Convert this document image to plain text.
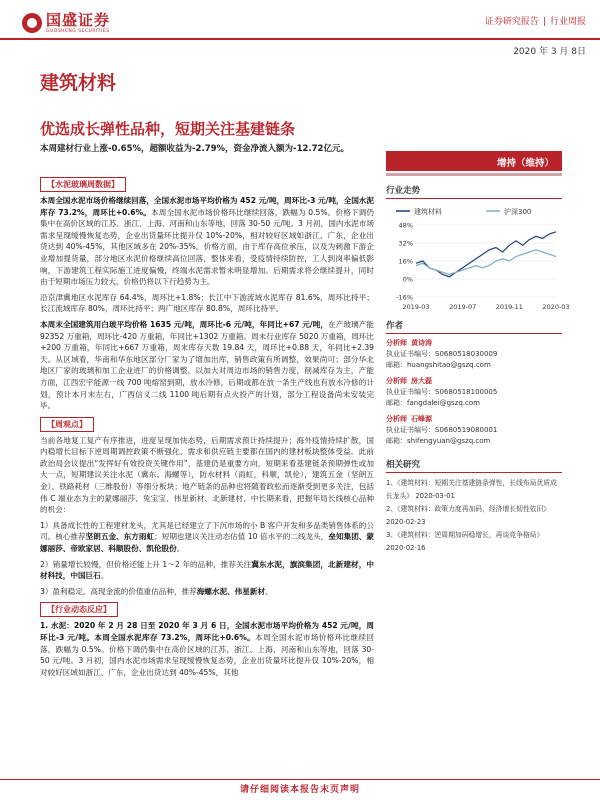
国盛证券
GUOSHENG SECURITIES
证券研究报告 | 行业周报
2020 年 3 月 8日
建筑材料
优选成长弹性品种，短期关注基建链条
本周建材行业上涨-0.65%，超额收益为-2.79%，资金净流入额为-12.72亿元。
增持（维持）
【水泥玻璃周数据】
本周全国水泥市场价格继续回落，全国水泥市场平均价格为 452 元/吨，周环比-3 元/吨，全国水泥库存 73.2%，周环比+0.6%。本周全国水泥市场价格环比继续回落，跌幅为 0.5%。价格下调仍集中在高价区域的江苏、浙江、上海、河南和山东等地，回落 30-50 元/吨。3 月初，国内水泥市场需求呈现缓慢恢复态势，企业出货量环比提升仅 10%-20%，相对较好区域如浙江、广东，企业出货达到 40%-45%，其他区域多在 20%-35%。价格方面，由于库存高位承压，以及为刺激下游企业增加提货量，部分地区水泥价格继续高位回落，整体来看，受疫情持续防控，工人到岗率偏低影响，下游建筑工程实际施工进度偏慢，终端水泥需求暂未明显增加。后期需求将会继续提升，同时由于短期市场压力较大，价格仍将以下行趋势为主。
沿京津冀地区水泥库存 64.4%，周环比+1.8%；长江中下游流域水泥库存 81.6%，周环比持平；长江流域库存 80%，周环比持平；两广地区库存 80.8%，周环比持平。
本周末全国建筑用白玻平均价格 1635 元/吨，周环比-6 元/吨，年同比+67 元/吨，在产玻璃产能 92352 万重箱，周环比-420 万重箱，年同比+1302 万重箱。周末行业库存 5020 万重箱，周环比+200 万重箱，年同比+667 万重箱，周末库存天数 19.84 天，周环比+0.88 天，年同比+2.39 天。从区域看，华南和华东地区部分厂家为了增加出库，销售政策有所调整，效果尚可；部分华北地区厂家的玻璃和加工企业进厂的价格调整，以加大对周边市场的销售力度，削减库存为主，产能方面，江西宏宇能源一线 700 吨熔窑到期，放水冷修，后期或都在放一条生产线也有放水冷修的计划，预计本月末左右，广西信义二线 1100 吨后期有点火投产的计划，部分工程设备尚未安装完毕。
【周观点】
当前各地复工复产有序推进，进度呈现加快态势，后期需求预计持续提升；海外疫情持续扩散，国内稳增长目标下逆周期调控政策不断强化，需求和供应链主要都在国内的建材板块整体受益。此前政治局会议提出“发挥好有效投资关键作用”，基建仍是重要方向，短期来看基建链条预期弹性或加大一点，短期建议关注水泥（冀东、海螺等），防水材料（雨虹，科顺，凯伦），建筑五金（坚朗五金）、铁路耗材（三维股份）等细分板块；地产链条的品种也将随着政松而逐渐受到更多关注，包括伟 C 端业态为主的蒙娜丽莎、兔宝宝、伟星新材、北新建材、中长期来看，把握年局长线核心品种的机会：
1）具备成长性的工程建材龙头，尤其是已经建立了下沉市场的小 B 客户开发和多品类销售体系的公司。核心推荐坚朗五金、东方雨虹；短期也建议关注动态估值 10 倍水平的二线龙头，垒知集团、蒙娜丽莎、帝欧家居、科顺股份、凯伦股份。
2）销量增长较慢，但价格还能上升 1～2 年的品种，推荐关注冀东水泥，旗滨集团，北新建材，中材科技，中国巨石。
3）盈利稳定，高现金流的价值重估品种，推荐海螺水泥、伟星新材。
【行业动态反应】
1. 水泥：2020 年 2 月 28 日至 2020 年 3 月 6 日，全国水泥市场平均价格为 452 元/吨，周环比-3 元/吨。本周全国水泥库存 73.2%，周环比+0.6%。本周全国水泥市场价格环比继续回落，跌幅为 0.5%。价格下调仍集中在高价区域的江苏、浙江、上海、河南和山东等地，回落 30-50 元/吨。3 月初，国内水泥市场需求呈现缓慢恢复态势，企业出货量环比提升仅 10%-20%，相对较好区域如浙江、广东，企业出货达到 40%-45%，其他
行业走势
建筑材料	沪深300
48%
32%
16%
0%
-16%
2019-03	2019-07	2019-11	2020-03
作者
分析师 黄诗涛
执业证书编号：S0680518030009
邮箱：huangshitao@gszq.com
分析师 房大磊
执业证书编号：S0680518100005
邮箱：fangdalei@gszq.com
分析师 石峰源
执业证书编号：S0680519080001
邮箱：shifengyuan@gszq.com
相关研究
1、《建筑材料：短期关注基建链条弹性，长线布局优质成长龙头》 2020-03-01
2、《建筑材料：政策力度再加码，经济增长韧性依旧》 2020-02-23
3、《建筑材料：逆周期加码稳增长，再谈竞争格局》 2020-02-16
请仔细阅读本报告末页声明
